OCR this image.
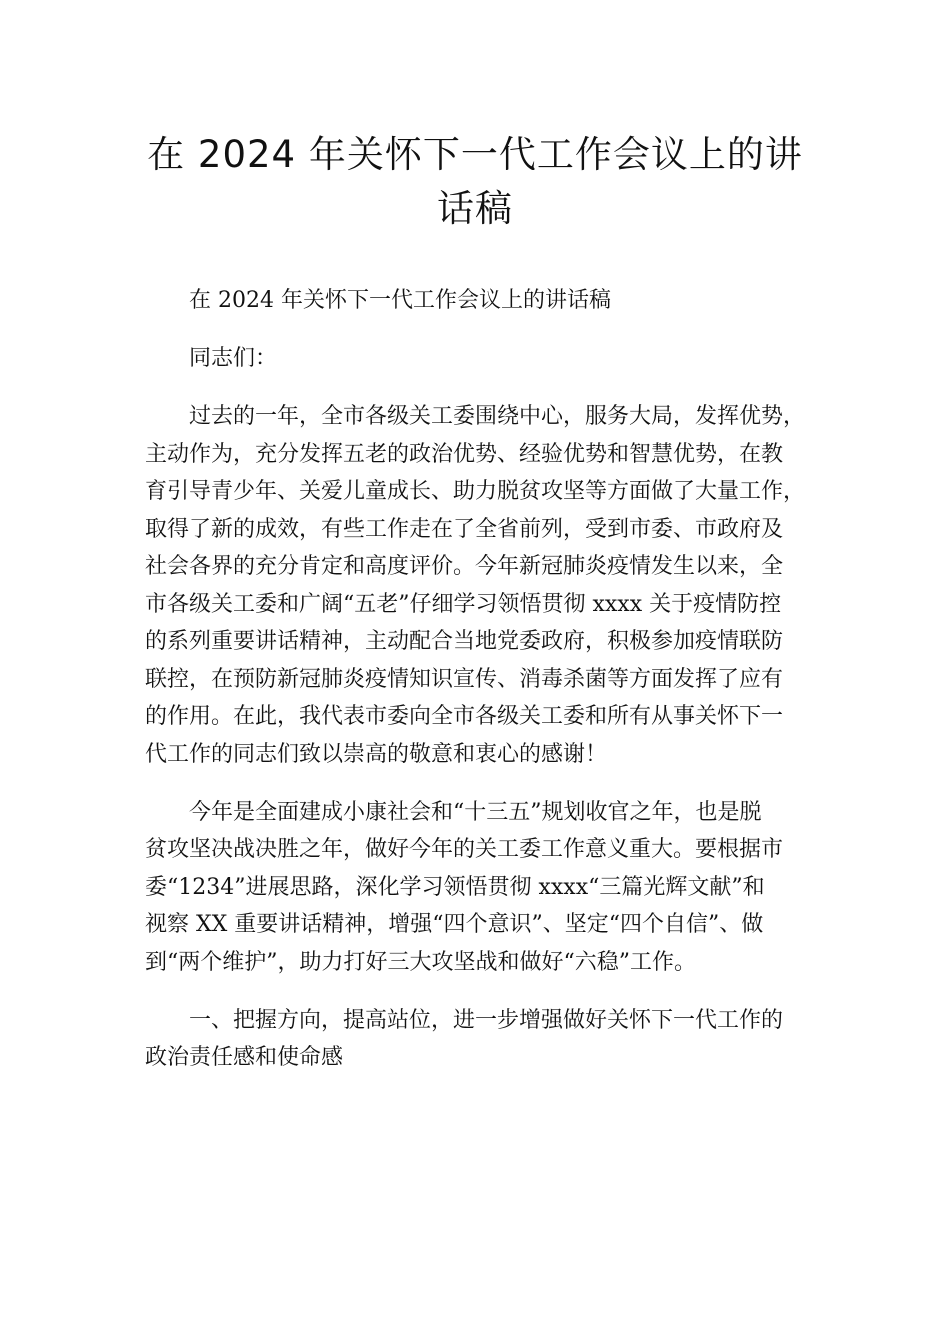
在 2024 年关怀下一代工作会议上的讲
话稿
在 2024 年关怀下一代工作会议上的讲话稿
同志们：
过去的一年，全市各级关工委围绕中心，服务大局，发挥优势，
主动作为，充分发挥五老的政治优势、经验优势和智慧优势，在教
育引导青少年、关爱儿童成长、助力脱贫攻坚等方面做了大量工作，
取得了新的成效，有些工作走在了全省前列，受到市委、市政府及
社会各界的充分肯定和高度评价。今年新冠肺炎疫情发生以来，全
市各级关工委和广阔“五老”仔细学习领悟贯彻 xxxx 关于疫情防控
的系列重要讲话精神，主动配合当地党委政府，积极参加疫情联防
联控，在预防新冠肺炎疫情知识宣传、消毒杀菌等方面发挥了应有
的作用。在此，我代表市委向全市各级关工委和所有从事关怀下一
代工作的同志们致以崇高的敬意和衷心的感谢！
今年是全面建成小康社会和“十三五”规划收官之年，也是脱
贫攻坚决战决胜之年，做好今年的关工委工作意义重大。要根据市
委“1234”进展思路，深化学习领悟贯彻 xxxx“三篇光辉文献”和
视察 XX 重要讲话精神，增强“四个意识”、坚定“四个自信”、做
到“两个维护”，助力打好三大攻坚战和做好“六稳”工作。
一、把握方向，提高站位，进一步增强做好关怀下一代工作的
政治责任感和使命感
